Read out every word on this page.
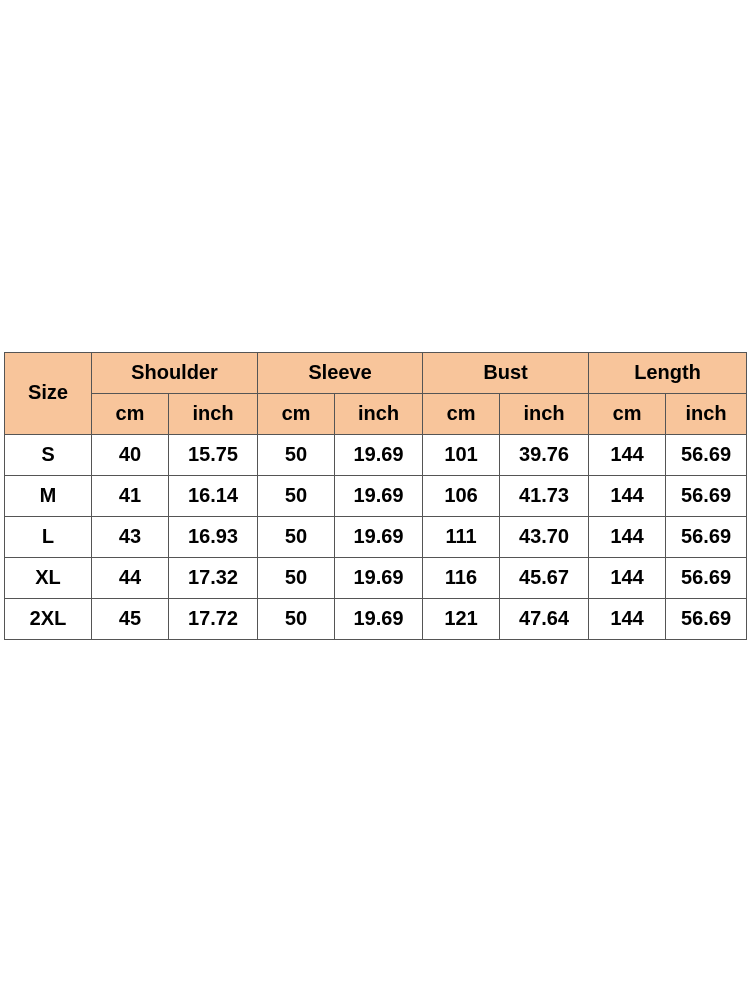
Size	Shoulder		Sleeve		Bust		Length	
	cm	inch	cm	inch	cm	inch	cm	inch
S	40	15.75	50	19.69	101	39.76	144	56.69
M	41	16.14	50	19.69	106	41.73	144	56.69
L	43	16.93	50	19.69	111	43.70	144	56.69
XL	44	17.32	50	19.69	116	45.67	144	56.69
2XL	45	17.72	50	19.69	121	47.64	144	56.69
